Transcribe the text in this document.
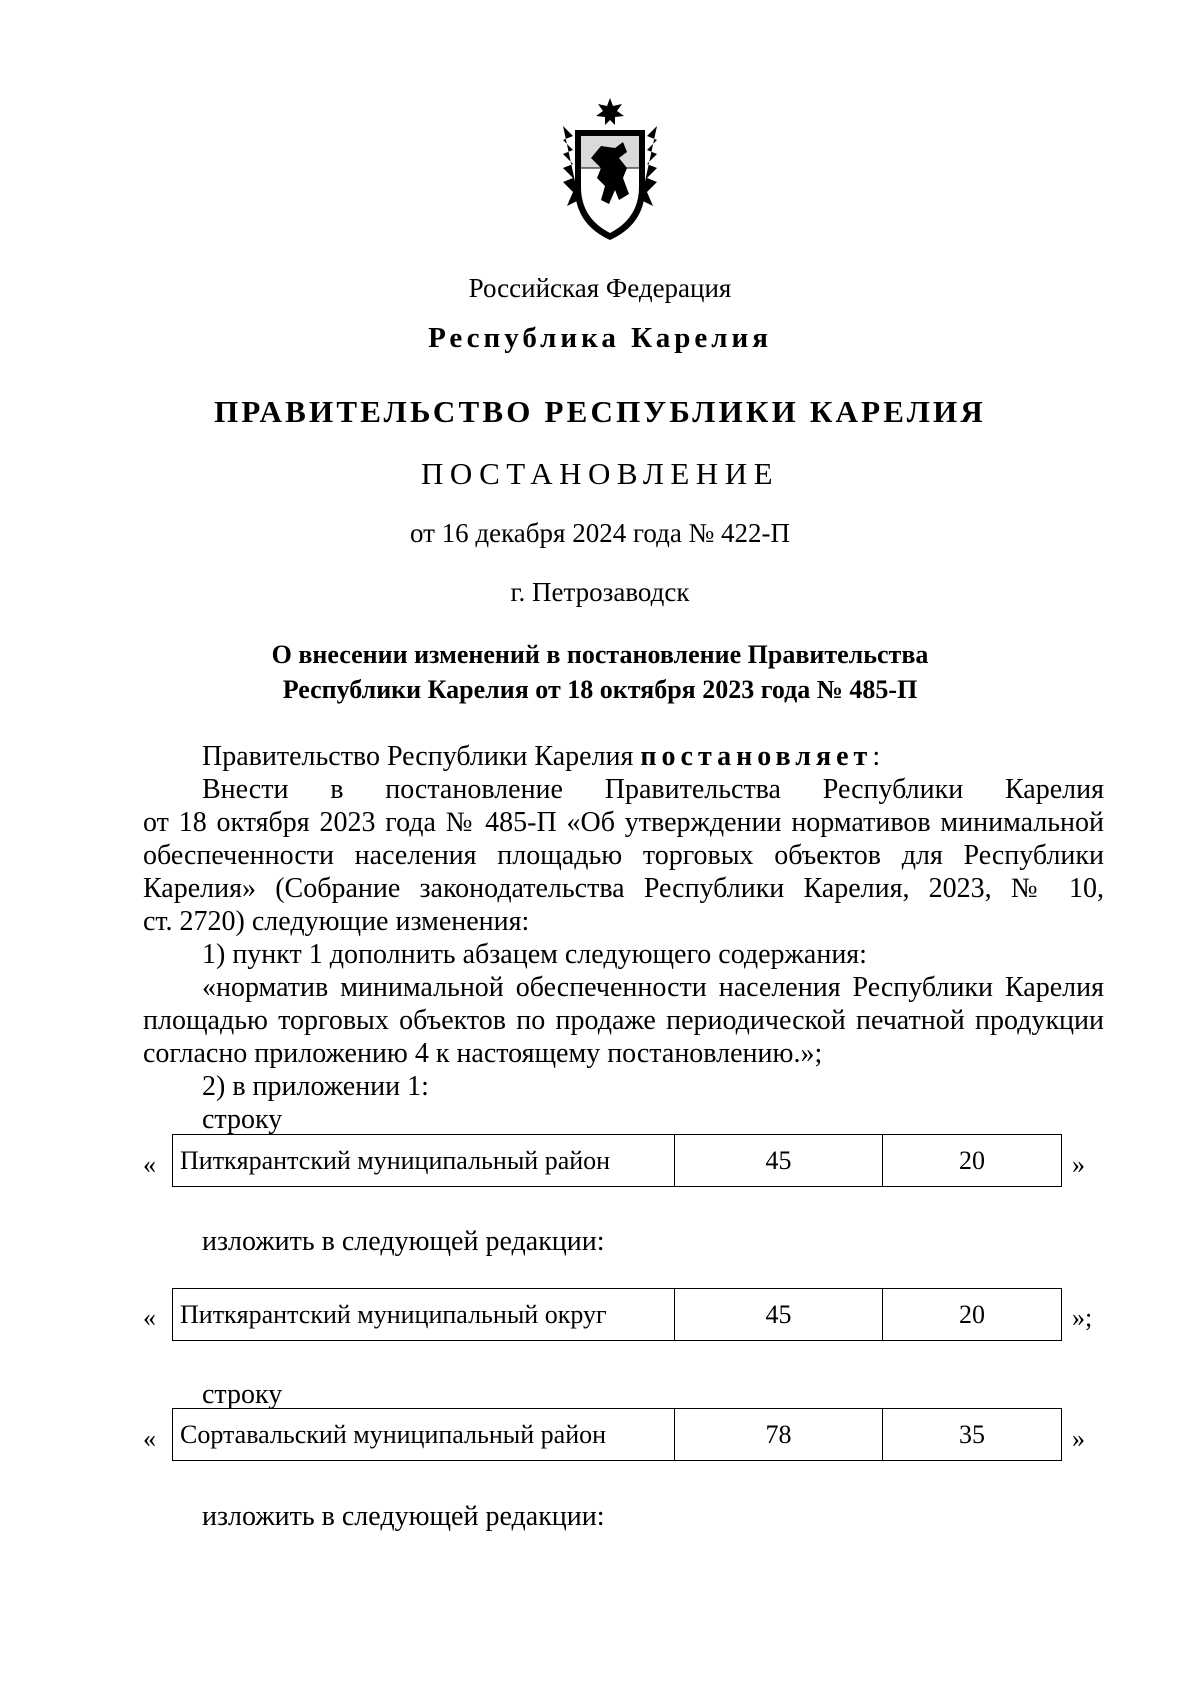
Российская Федерация
Республика Карелия
ПРАВИТЕЛЬСТВО РЕСПУБЛИКИ КАРЕЛИЯ
ПОСТАНОВЛЕНИЕ
от 16 декабря 2024 года № 422-П
г. Петрозаводск
О внесении изменений в постановление Правительства
Республики Карелия от 18 октября 2023 года № 485-П
Правительство Республики Карелия постановляет:
Внести в постановление Правительства Республики Карелия
от 18 октября 2023 года № 485-П «Об утверждении нормативов минимальной
обеспеченности населения площадью торговых объектов для Республики
Карелия» (Собрание законодательства Республики Карелия, 2023, № 10,
ст. 2720) следующие изменения:
1) пункт 1 дополнить абзацем следующего содержания:
«норматив минимальной обеспеченности населения Республики Карелия
площадью торговых объектов по продаже периодической печатной продукции
согласно приложению 4 к настоящему постановлению.»;
2) в приложении 1:
строку
« Питкярантский муниципальный район	45	20	»
изложить в следующей редакции:
« Питкярантский муниципальный округ	45	20	»;
строку
« Сортавальский муниципальный район	78	35	»
изложить в следующей редакции:
